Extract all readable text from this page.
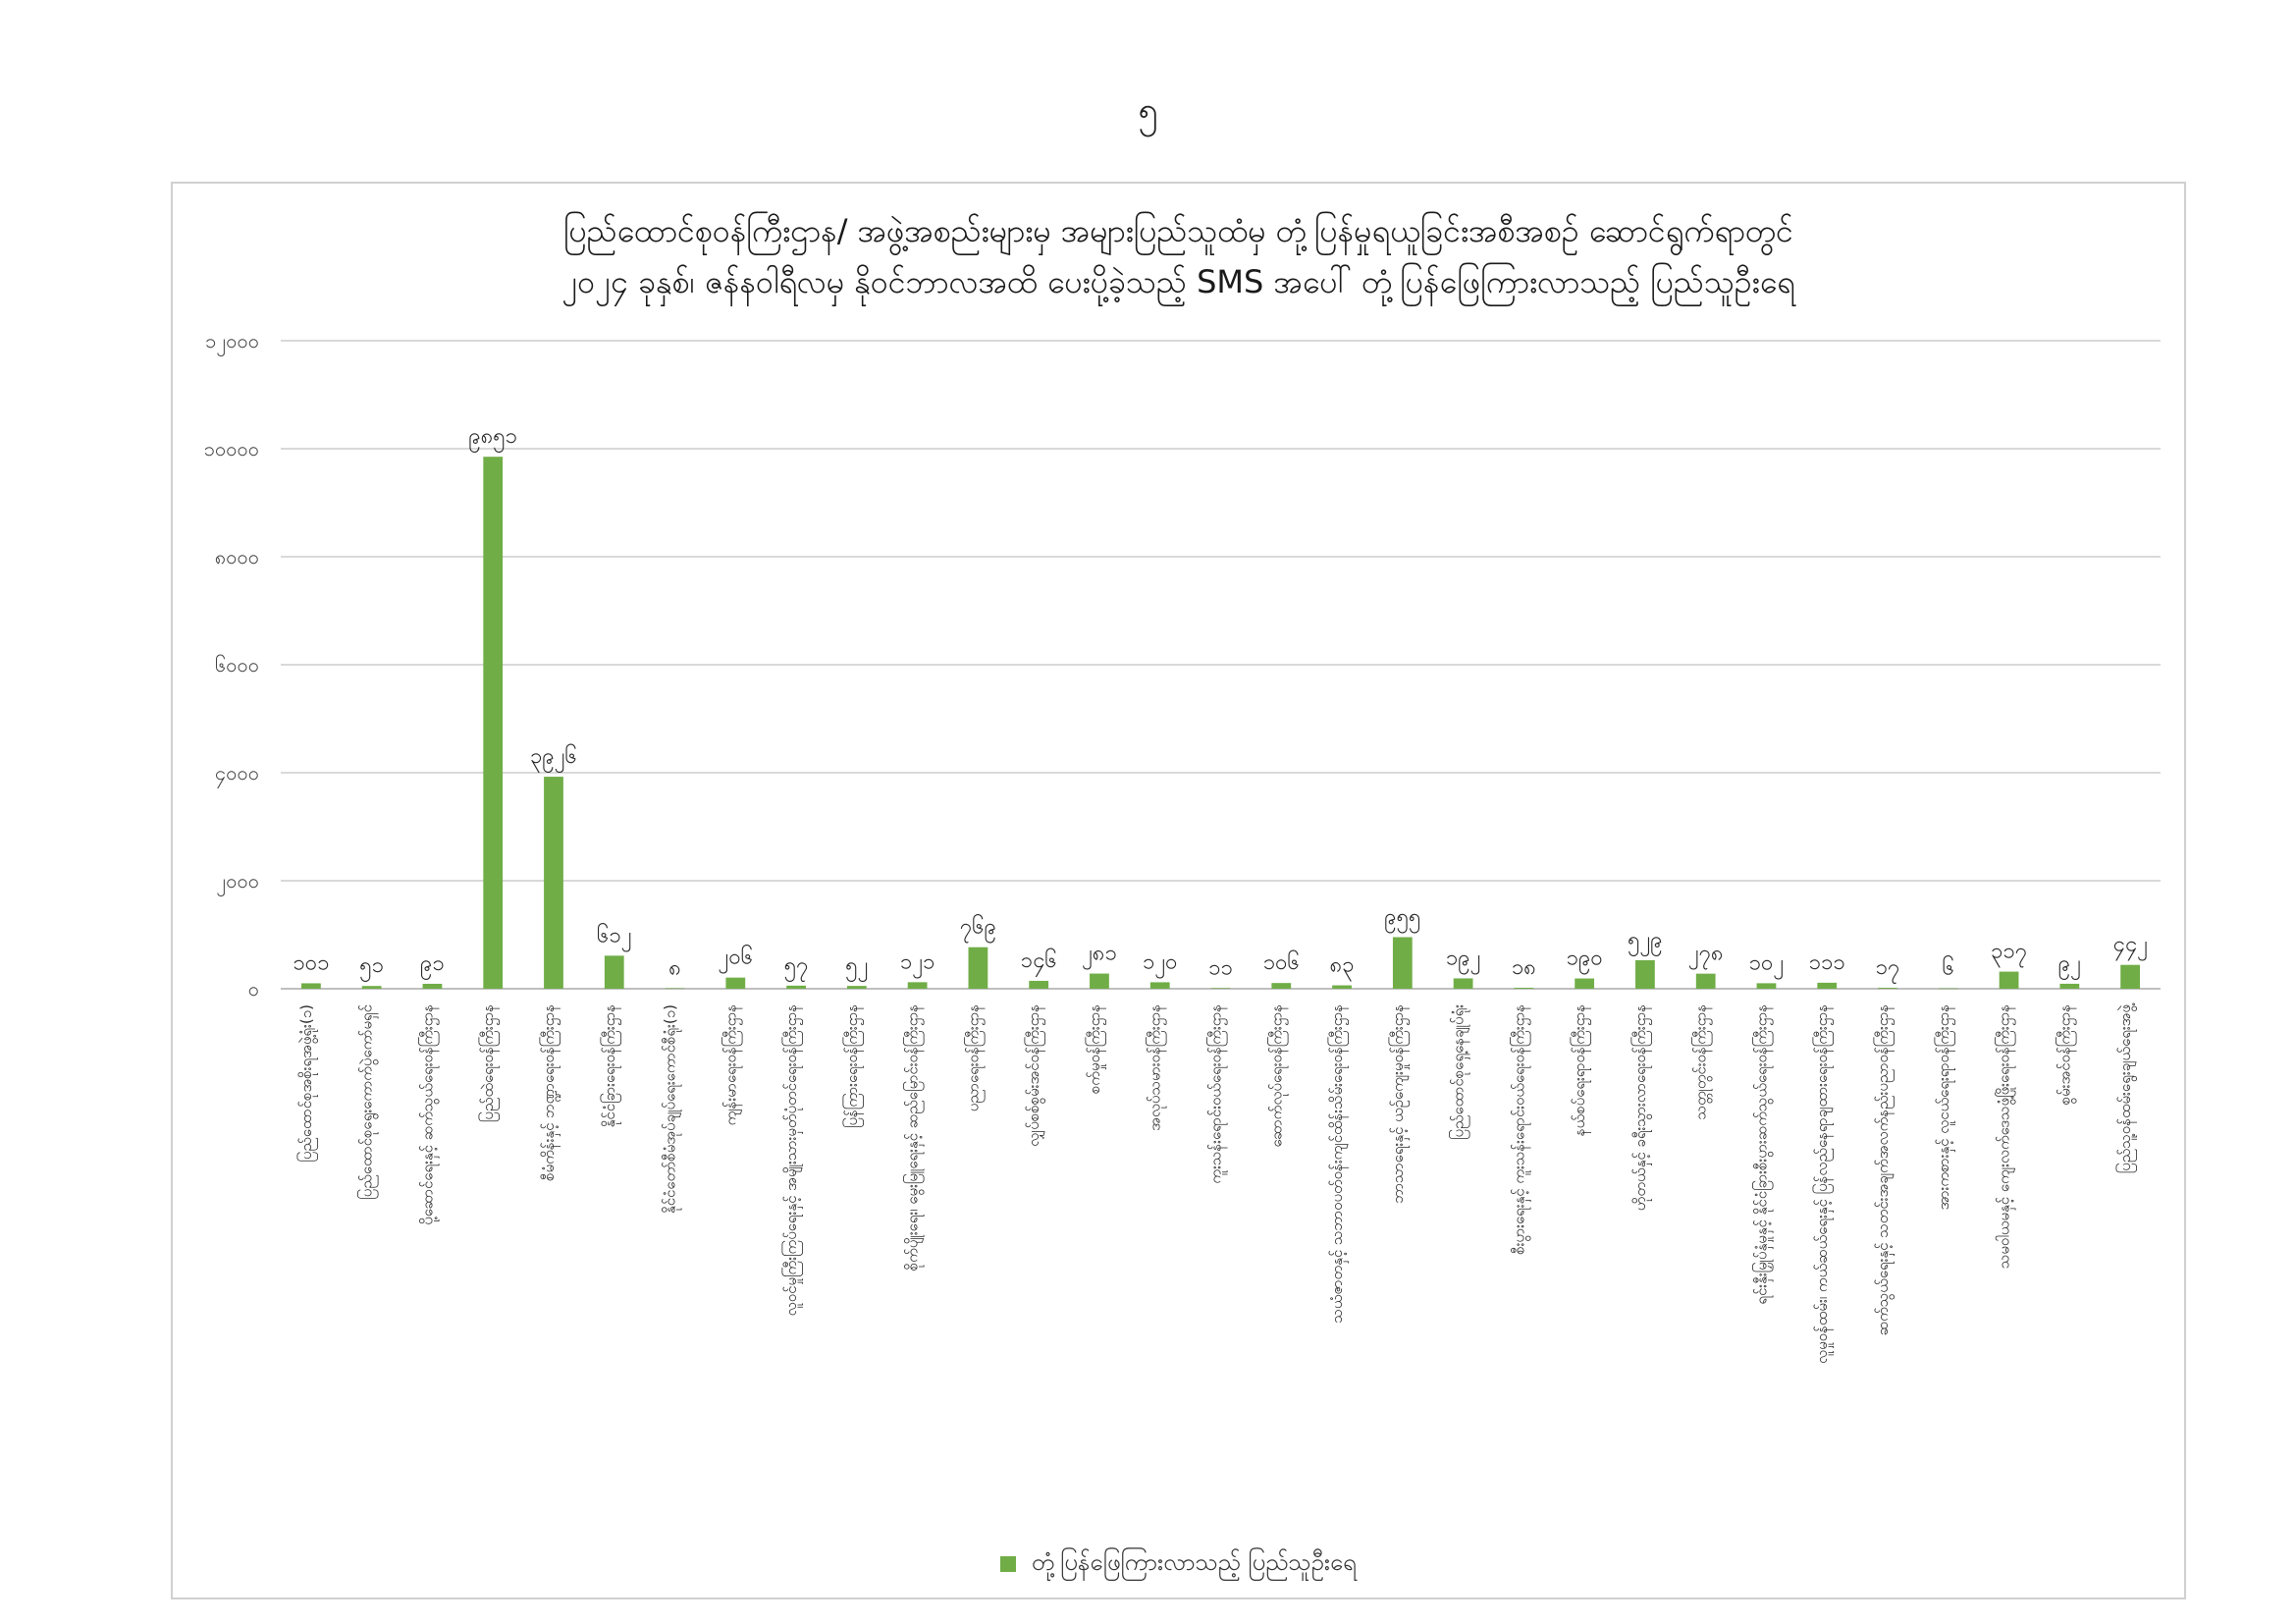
၅
ပြည်ထောင်စုဝန်ကြီးဌာန/ အဖွဲ့အစည်းများမှ အများပြည်သူထံမှ တုံ့ပြန်မှုရယူခြင်းအစီအစဉ် ဆောင်ရွက်ရာတွင်
၂၀၂၄ ခုနှစ်၊ ဇန်နဝါရီလမှ နိုဝင်ဘာလအထိ ပေးပို့ခဲ့သည့် SMS အပေါ် တုံ့ပြန်ဖြေကြားလာသည့် ပြည်သူဦးရေ
၀
၂၀၀၀
၄၀၀၀
၆၀၀၀
၈၀၀၀
၁၀၀၀၀
၁၂၀၀၀
၁၀၁
ပြည်ထောင်စုအစိုးရအဖွဲ့ရုံး(၁)
၅၁
ပြည်ထောင်စုရွေးကောက်ပွဲကော်မရှင်
၉၁
ပို့ဆောင်ရေးနှင့် ဆက်သွယ်ရေးဝန်ကြီးဌာန
၉၈၅၁
ပြည်ထဲရေးဝန်ကြီးဌာန
၃၉၂၆
စီမံကိန်းနှင့် ဘဏ္ဍာရေးဝန်ကြီးဌာန
၆၁၂
နိုင်ငံခြားရေးဝန်ကြီးဌာန
၈
နိုင်ငံတော်စီမံအုပ်ချုပ်ရေးကောင်စီရုံး(၁)
၂၀၆
ကျန်းမာရေးဝန်ကြီးဌာန
၅၇
လူဝင်မှုကြီးကြပ်ရေးနှင့် အမျိုးသားမှတ်ပုံတင်ရေးဝန်ကြီးဌာန
၅၂
ပြန်ကြားရေးဝန်ကြီးဌာန
၁၂၁
စိုက်ပျိုးရေး၊ မွေးမြူရေးနှင့် ဆည်မြောင်းဝန်ကြီးဌာန
၇၆၉
ပညာရေးဝန်ကြီးဌာန
၁၄၆
လျှပ်စစ်စွမ်းအင်ဝန်ကြီးဌာန
၂၈၁
စက်မှုဝန်ကြီးဌာန
၁၂၀
အလုပ်သမားဝန်ကြီးဌာန
၁၁
ကူးသန်းရောင်းဝယ်ရေးဝန်ကြီးဌာန
၁၀၆
ဆောက်လုပ်ရေးဝန်ကြီးဌာန
၈၃
သယံဇာတနှင့် သဘာဝပတ်ဝန်းကျင်ထိန်းသိမ်းရေးဝန်ကြီးဌာန
၉၅၅
ဘာသာရေးနှင့် ယဉ်ကျေးမှုဝန်ကြီးဌာန
၁၉၂
ပြည်ထောင်စုရှေ့နေချုပ်ရုံး
၁၈
စီးပွားရေးနှင့် ကူးသန်းရောင်းဝယ်ရေးဝန်ကြီးဌာန
၁၉၀
နယ်စပ်ရေးရာဝန်ကြီးဌာန
၅၂၉
ဟိုတယ်နှင့် ခရီးသွားလာရေးဝန်ကြီးဌာန
၂၇၈
သတ္တုတွင်းဝန်ကြီးဌာန
၁၀၂
ရင်းနှီးမြှုပ်နှံမှုနှင့် နိုင်ငံခြားစီးပွားဆက်သွယ်ရေးဝန်ကြီးဌာန
၁၁၁
လူမှုဝန်ထမ်း၊ ကယ်ဆယ်ရေးနှင့် ပြန်လည်နေရာချထားရေးဝန်ကြီးဌာန
၁၇
ဆက်သွယ်ရေးနှင့် သတင်းအချက်အလက်နည်းပညာဝန်ကြီးဌာန
၆
အားကစားနှင့် လူငယ်ရေးရာဝန်ကြီးဌာန
၃၁၇
သမဝါယမနှင့် ကျေးလက်ဒေသဖွံ့ဖြိုးရေးဝန်ကြီးဌာန
၉၂
စွမ်းအင်ဝန်ကြီးဌာန
၄၄၂
ပြည်သူ့ဝန်ထမ်းရွေးချယ်ရေးအဖွဲ့
တုံ့ပြန်ဖြေကြားလာသည့် ပြည်သူဦးရေ
